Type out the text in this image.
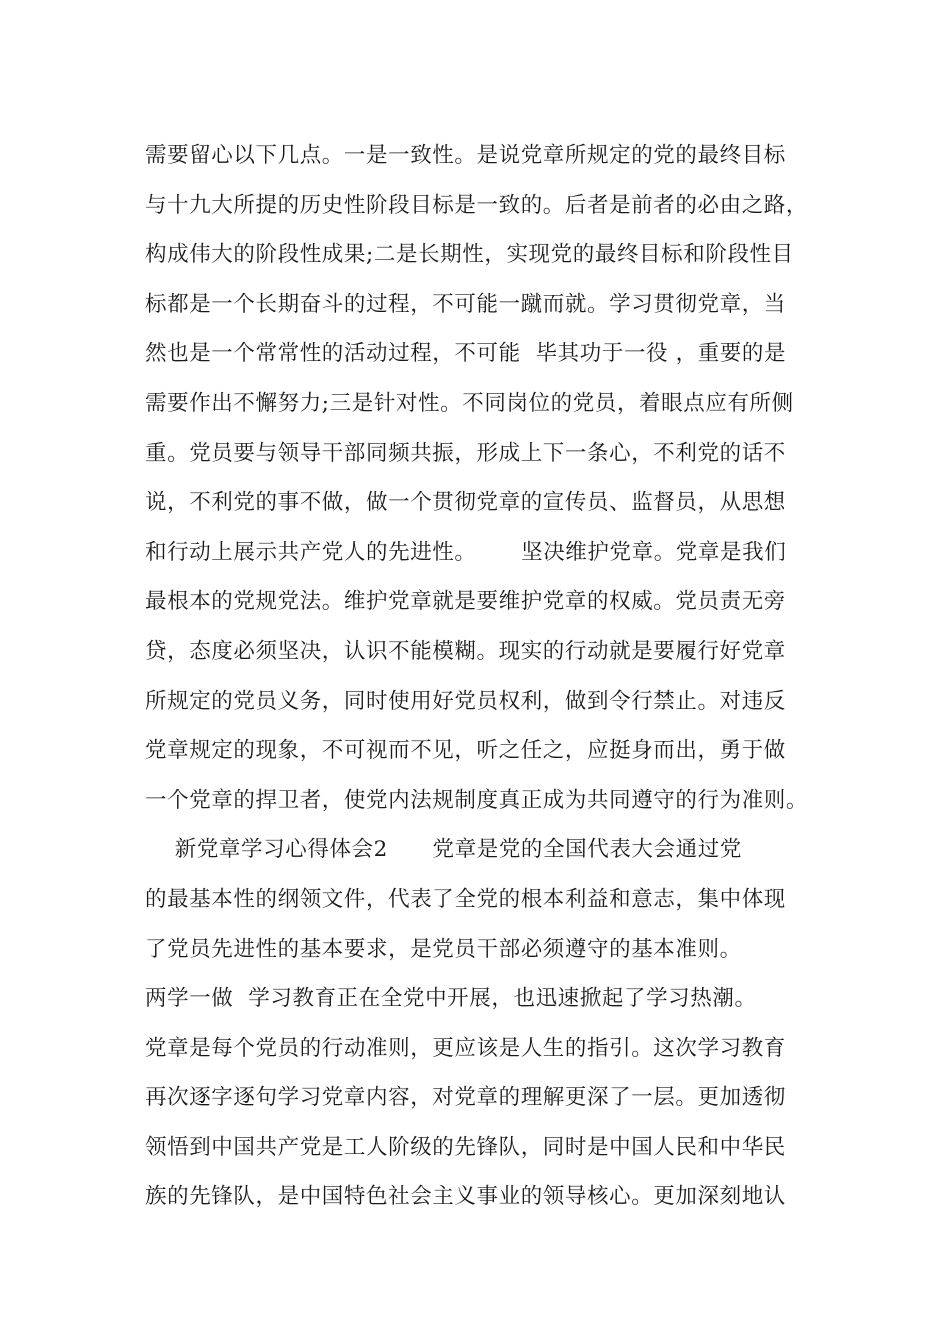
需要留心以下几点。一是一致性。是说党章所规定的党的最终目标
与十九大所提的历史性阶段目标是一致的。后者是前者的必由之路，
构成伟大的阶段性成果;二是长期性，实现党的最终目标和阶段性目
标都是一个长期奋斗的过程，不可能一蹴而就。学习贯彻党章，当
然也是一个常常性的活动过程，不可能  毕其功于一役 ，重要的是
需要作出不懈努力;三是针对性。不同岗位的党员，着眼点应有所侧
重。党员要与领导干部同频共振，形成上下一条心，不利党的话不
说，不利党的事不做，做一个贯彻党章的宣传员、监督员，从思想
和行动上展示共产党人的先进性。      坚决维护党章。党章是我们
最根本的党规党法。维护党章就是要维护党章的权威。党员责无旁
贷，态度必须坚决，认识不能模糊。现实的行动就是要履行好党章
所规定的党员义务，同时使用好党员权利，做到令行禁止。对违反
党章规定的现象，不可视而不见，听之任之，应挺身而出，勇于做
一个党章的捍卫者，使党内法规制度真正成为共同遵守的行为准则。
新党章学习心得体会2      党章是党的全国代表大会通过党
的最基本性的纲领文件，代表了全党的根本利益和意志，集中体现
了党员先进性的基本要求，是党员干部必须遵守的基本准则。
两学一做  学习教育正在全党中开展，也迅速掀起了学习热潮。
党章是每个党员的行动准则，更应该是人生的指引。这次学习教育
再次逐字逐句学习党章内容，对党章的理解更深了一层。更加透彻
领悟到中国共产党是工人阶级的先锋队，同时是中国人民和中华民
族的先锋队，是中国特色社会主义事业的领导核心。更加深刻地认
